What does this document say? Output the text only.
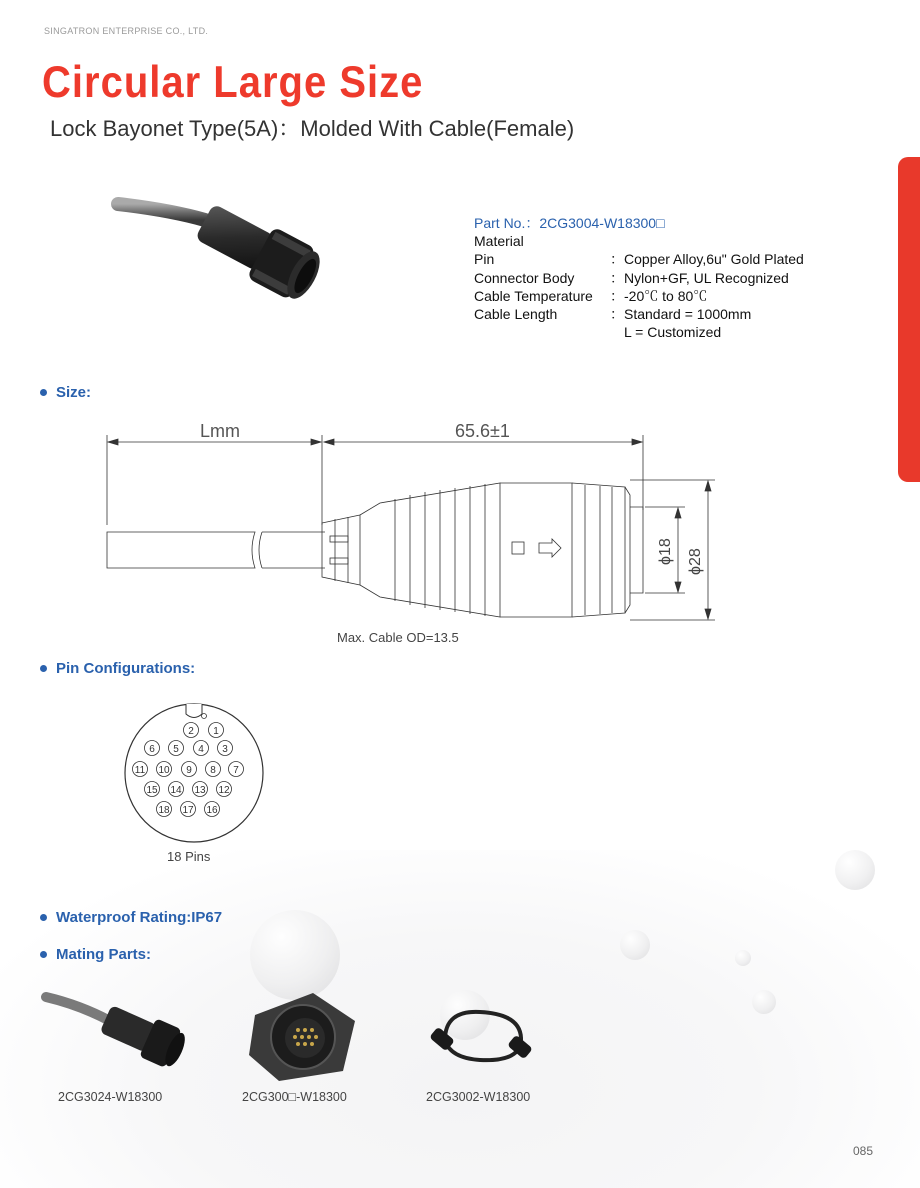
SINGATRON ENTERPRISE CO., LTD.
Circular Large Size
Lock Bayonet Type(5A)：Molded With Cable(Female)
Part No.：2CG3004-W18300□
Material
Pin	：Copper Alloy,6u" Gold Plated
Connector Body	：Nylon+GF, UL Recognized
Cable Temperature	：-20℃ to 80℃
Cable Length	：Standard = 1000mm
L = Customized
Size:
Lmm	65.6±1
ϕ18 ϕ28
Max. Cable OD=13.5
Pin Configurations:
1
2
3
4
5
6
7
8
9
10
11
12
13
14
15
16
17
18
18 Pins
Waterproof Rating:IP67
Mating Parts:
2CG3024-W18300	2CG300□-W18300	2CG3002-W18300
085
